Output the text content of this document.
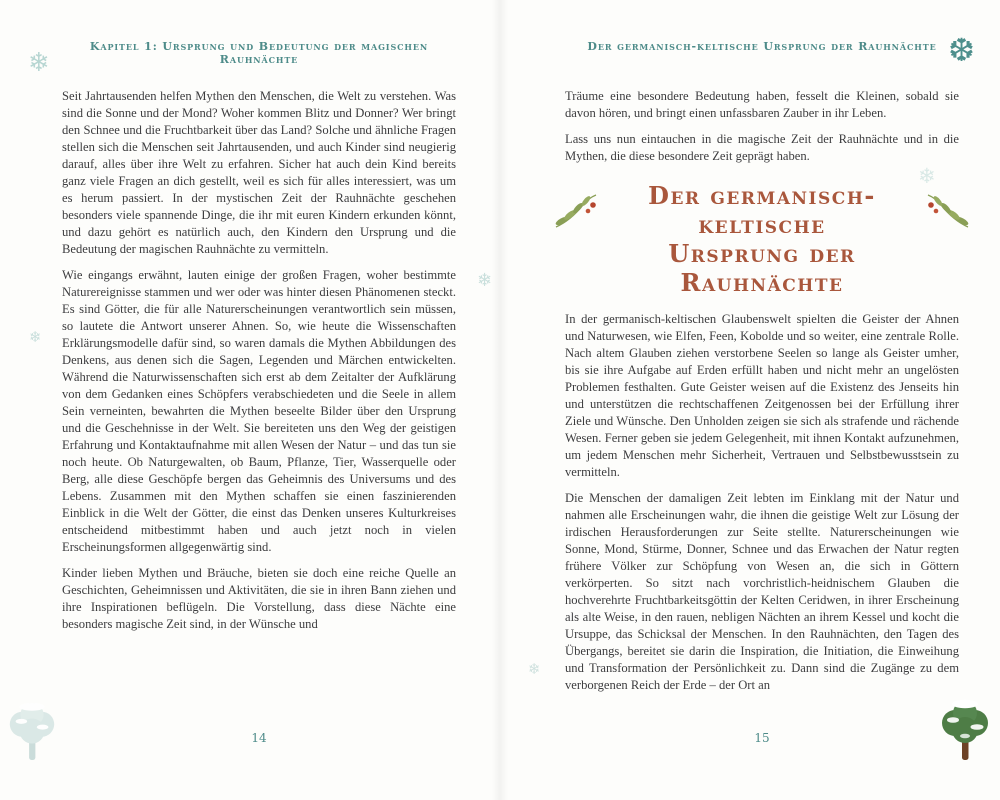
Kapitel 1: Ursprung und Bedeutung der magischen Rauhnächte
Der germanisch-keltische Ursprung der Rauhnächte

Seit Jahrtausenden helfen Mythen den Menschen, die Welt zu verstehen. Was sind die Sonne und der Mond? Woher kommen Blitz und Donner? Wer bringt den Schnee und die Fruchtbarkeit über das Land? Solche und ähnliche Fragen stellen sich die Menschen seit Jahrtausenden, und auch Kinder sind neugierig darauf, alles über ihre Welt zu erfahren. Sicher hat auch dein Kind bereits ganz viele Fragen an dich gestellt, weil es sich für alles interessiert, was um es herum passiert. In der mystischen Zeit der Rauhnächte geschehen besonders viele spannende Dinge, die ihr mit euren Kindern erkunden könnt, und dazu gehört es natürlich auch, den Kindern den Ursprung und die Bedeutung der magischen Rauhnächte zu vermitteln.

Wie eingangs erwähnt, lauten einige der großen Fragen, woher bestimmte Naturereignisse stammen und wer oder was hinter diesen Phänomenen steckt. Es sind Götter, die für alle Naturerscheinungen verantwortlich sein müssen, so lautete die Antwort unserer Ahnen. So, wie heute die Wissenschaften Erklärungsmodelle dafür sind, so waren damals die Mythen Abbildungen des Denkens, aus denen sich die Sagen, Legenden und Märchen entwickelten. Während die Naturwissenschaften sich erst ab dem Zeitalter der Aufklärung von dem Gedanken eines Schöpfers verabschiedeten und die Seele in allem Sein verneinten, bewahrten die Mythen beseelte Bilder über den Ursprung und die Geschehnisse in der Welt. Sie bereiteten uns den Weg der geistigen Erfahrung und Kontaktaufnahme mit allen Wesen der Natur – und das tun sie noch heute. Ob Naturgewalten, ob Baum, Pflanze, Tier, Wasserquelle oder Berg, alle diese Geschöpfe bergen das Geheimnis des Universums und des Lebens. Zusammen mit den Mythen schaffen sie einen faszinierenden Einblick in die Welt der Götter, die einst das Denken unseres Kulturkreises entscheidend mitbestimmt haben und auch jetzt noch in vielen Erscheinungsformen allgegenwärtig sind.

Kinder lieben Mythen und Bräuche, bieten sie doch eine reiche Quelle an Geschichten, Geheimnissen und Aktivitäten, die sie in ihren Bann ziehen und ihre Inspirationen beflügeln. Die Vorstellung, dass diese Nächte eine besonders magische Zeit sind, in der Wünsche und

Träume eine besondere Bedeutung haben, fesselt die Kleinen, sobald sie davon hören, und bringt einen unfassbaren Zauber in ihr Leben.

Lass uns nun eintauchen in die magische Zeit der Rauhnächte und in die Mythen, die diese besondere Zeit geprägt haben.

Der germanisch-keltische
Ursprung der Rauhnächte

In der germanisch-keltischen Glaubenswelt spielten die Geister der Ahnen und Naturwesen, wie Elfen, Feen, Kobolde und so weiter, eine zentrale Rolle. Nach altem Glauben ziehen verstorbene Seelen so lange als Geister umher, bis sie ihre Aufgabe auf Erden erfüllt haben und nicht mehr an ungelösten Problemen festhalten. Gute Geister weisen auf die Existenz des Jenseits hin und unterstützen die rechtschaffenen Zeitgenossen bei der Erfüllung ihrer Ziele und Wünsche. Den Unholden zeigen sie sich als strafende und rächende Wesen. Ferner geben sie jedem Gelegenheit, mit ihnen Kontakt aufzunehmen, um jedem Menschen mehr Sicherheit, Vertrauen und Selbstbewusstsein zu vermitteln.

Die Menschen der damaligen Zeit lebten im Einklang mit der Natur und nahmen alle Erscheinungen wahr, die ihnen die geistige Welt zur Lösung der irdischen Herausforderungen zur Seite stellte. Naturerscheinungen wie Sonne, Mond, Stürme, Donner, Schnee und das Erwachen der Natur regten frühere Völker zur Schöpfung von Wesen an, die sich in Göttern verkörperten. So sitzt nach vorchristlich-heidnischem Glauben die hochverehrte Fruchtbarkeitsgöttin der Kelten Ceridwen, in ihrer Erscheinung als alte Weise, in den rauen, nebligen Nächten an ihrem Kessel und kocht die Ursuppe, das Schicksal der Menschen. In den Rauhnächten, den Tagen des Übergangs, bereitet sie darin die Inspiration, die Initiation, die Einweihung und Transformation der Persönlichkeit zu. Dann sind die Zugänge zu dem verborgenen Reich der Erde – der Ort an

14	15
❄	❆
❄
❄
❄
❄
